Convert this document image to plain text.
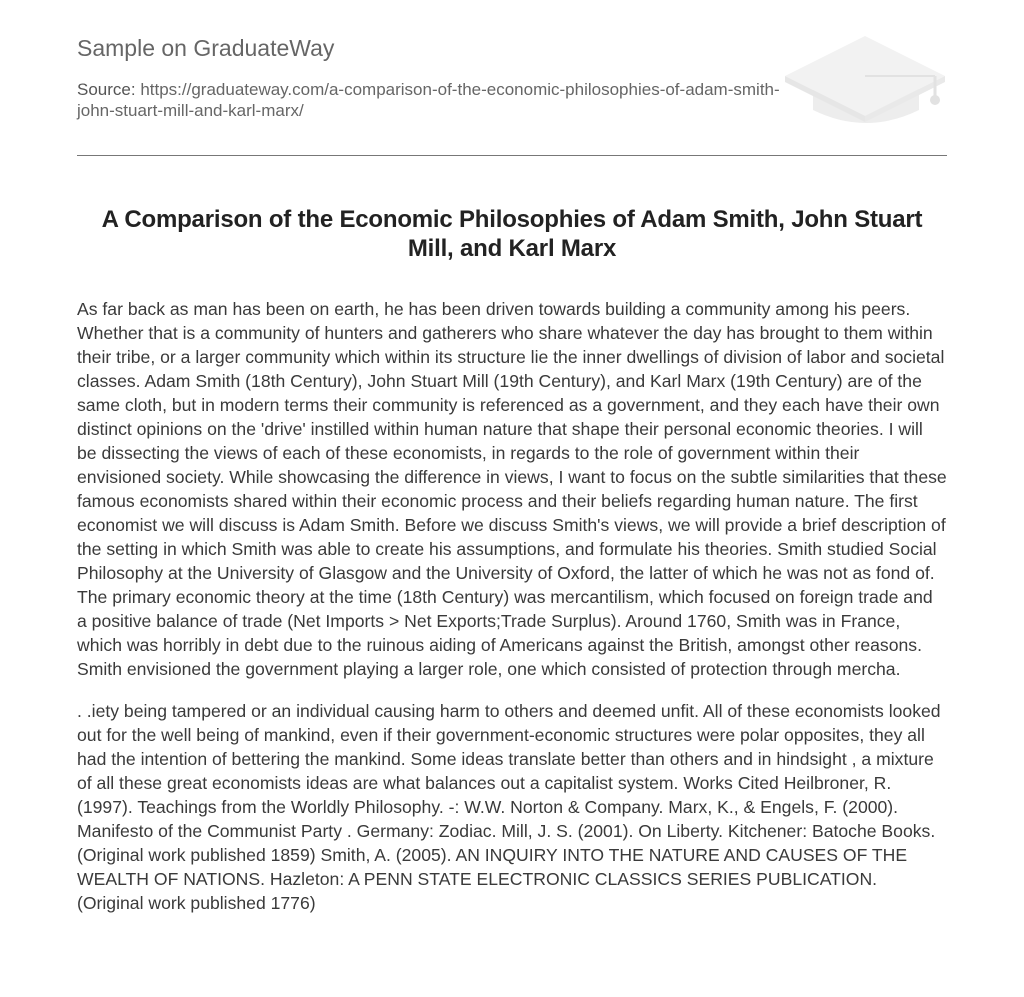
Sample on GraduateWay
Source: https://graduateway.com/a-comparison-of-the-economic-philosophies-of-adam-smith-john-stuart-mill-and-karl-marx/
A Comparison of the Economic Philosophies of Adam Smith, John Stuart Mill, and Karl Marx

As far back as man has been on earth, he has been driven towards building a community among his peers. Whether that is a community of hunters and gatherers who share whatever the day has brought to them within their tribe, or a larger community which within its structure lie the inner dwellings of division of labor and societal classes. Adam Smith (18th Century), John Stuart Mill (19th Century), and Karl Marx (19th Century) are of the same cloth, but in modern terms their community is referenced as a government, and they each have their own distinct opinions on the 'drive' instilled within human nature that shape their personal economic theories. I will be dissecting the views of each of these economists, in regards to the role of government within their envisioned society. While showcasing the difference in views, I want to focus on the subtle similarities that these famous economists shared within their economic process and their beliefs regarding human nature. The first economist we will discuss is Adam Smith. Before we discuss Smith's views, we will provide a brief description of the setting in which Smith was able to create his assumptions, and formulate his theories. Smith studied Social Philosophy at the University of Glasgow and the University of Oxford, the latter of which he was not as fond of. The primary economic theory at the time (18th Century) was mercantilism, which focused on foreign trade and a positive balance of trade (Net Imports > Net Exports;Trade Surplus). Around 1760, Smith was in France, which was horribly in debt due to the ruinous aiding of Americans against the British, amongst other reasons. Smith envisioned the government playing a larger role, one which consisted of protection through mercha.

. .iety being tampered or an individual causing harm to others and deemed unfit. All of these economists looked out for the well being of mankind, even if their government-economic structures were polar opposites, they all had the intention of bettering the mankind. Some ideas translate better than others and in hindsight , a mixture of all these great economists ideas are what balances out a capitalist system. Works Cited Heilbroner, R. (1997). Teachings from the Worldly Philosophy. -: W.W. Norton & Company. Marx, K., & Engels, F. (2000). Manifesto of the Communist Party . Germany: Zodiac. Mill, J. S. (2001). On Liberty. Kitchener: Batoche Books. (Original work published 1859) Smith, A. (2005). AN INQUIRY INTO THE NATURE AND CAUSES OF THE WEALTH OF NATIONS. Hazleton: A PENN STATE ELECTRONIC CLASSICS SERIES PUBLICATION. (Original work published 1776)
